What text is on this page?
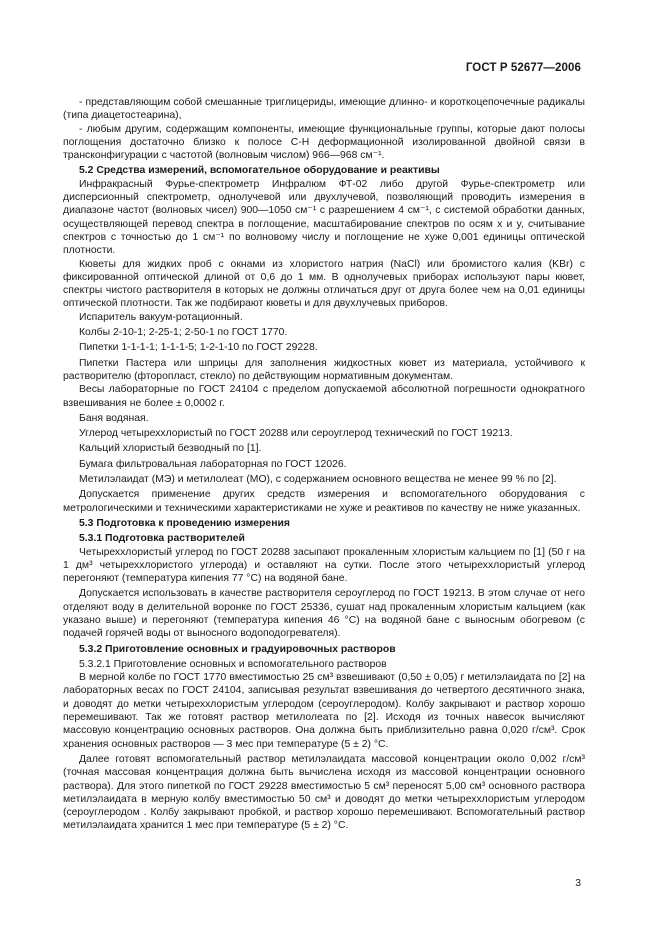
ГОСТ Р 52677—2006

- представляющим собой смешанные триглицериды, имеющие длинно- и короткоцепочечные радикалы (типа диацетостеарина),

- любым другим, содержащим компоненты, имеющие функциональные группы, которые дают полосы поглощения достаточно близко к полосе С-Н деформационной изолированной двойной связи в трансконфигурации с частотой (волновым числом) 966—968 см⁻¹.

5.2 Средства измерений, вспомогательное оборудование и реактивы

Инфракрасный Фурье-спектрометр Инфралюм ФТ-02 либо другой Фурье-спектрометр или дисперсионный спектрометр, однолучевой или двухлучевой, позволяющий проводить измерения в диапазоне частот (волновых чисел) 900—1050 см⁻¹ с разрешением 4 см⁻¹, с системой обработки данных, осуществляющей перевод спектра в поглощение, масштабирование спектров по осям x и y, считывание спектров с точностью до 1 см⁻¹ по волновому числу и поглощение не хуже 0,001 единицы оптической плотности.

Кюветы для жидких проб с окнами из хлористого натрия (NaCl) или бромистого калия (KBr) с фиксированной оптической длиной от 0,6 до 1 мм. В однолучевых приборах используют пары кювет, спектры чистого растворителя в которых не должны отличаться друг от друга более чем на 0,01 единицы оптической плотности. Так же подбирают кюветы и для двухлучевых приборов.

Испаритель вакуум-ротационный.

Колбы 2-10-1; 2-25-1; 2-50-1 по ГОСТ 1770.

Пипетки 1-1-1-1; 1-1-1-5; 1-2-1-10 по ГОСТ 29228.

Пипетки Пастера или шприцы для заполнения жидкостных кювет из материала, устойчивого к растворителю (фторопласт, стекло) по действующим нормативным документам.

Весы лабораторные по ГОСТ 24104 с пределом допускаемой абсолютной погрешности однократного взвешивания не более ± 0,0002 г.

Баня водяная.

Углерод четыреххлористый по ГОСТ 20288 или сероуглерод технический по ГОСТ 19213.

Кальций хлористый безводный по [1].

Бумага фильтровальная лабораторная по ГОСТ 12026.

Метилэлаидат (МЭ) и метилолеат (МО), с содержанием основного вещества не менее 99 % по [2].

Допускается применение других средств измерения и вспомогательного оборудования с метрологическими и техническими характеристиками не хуже и реактивов по качеству не ниже указанных.

5.3 Подготовка к проведению измерения

5.3.1 Подготовка растворителей

Четыреххлористый углерод по ГОСТ 20288 засыпают прокаленным хлористым кальцием по [1] (50 г на 1 дм³ четыреххлористого углерода) и оставляют на сутки. После этого четыреххлористый углерод перегоняют (температура кипения 77 °С) на водяной бане.

Допускается использовать в качестве растворителя сероуглерод по ГОСТ 19213. В этом случае от него отделяют воду в делительной воронке по ГОСТ 25336, сушат над прокаленным хлористым кальцием (как указано выше) и перегоняют (температура кипения 46 °С) на водяной бане с выносным обогревом (с подачей горячей воды от выносного водоподогревателя).

5.3.2 Приготовление основных и градуировочных растворов

5.3.2.1 Приготовление основных и вспомогательного растворов

В мерной колбе по ГОСТ 1770 вместимостью 25 см³ взвешивают (0,50 ± 0,05) г метилэлаидата по [2] на лабораторных весах по ГОСТ 24104, записывая результат взвешивания до четвертого десятичного знака, и доводят до метки четыреххлористым углеродом (сероуглеродом). Колбу закрывают и раствор хорошо перемешивают. Так же готовят раствор метилолеата по [2]. Исходя из точных навесок вычисляют массовую концентрацию основных растворов. Она должна быть приблизительно равна 0,020 г/см³. Срок хранения основных растворов — 3 мес при температуре (5 ± 2) °С.

Далее готовят вспомогательный раствор метилэлаидата массовой концентрации около 0,002 г/см³ (точная массовая концентрация должна быть вычислена исходя из массовой концентрации основного раствора). Для этого пипеткой по ГОСТ 29228 вместимостью 5 см³ переносят 5,00 см³ основного раствора метилэлаидата в мерную колбу вместимостью 50 см³ и доводят до метки четыреххлористым углеродом (сероуглеродом . Колбу закрывают пробкой, и раствор хорошо перемешивают. Вспомогательный раствор метилэлаидата хранится 1 мес при температуре (5 ± 2) °С.

3
